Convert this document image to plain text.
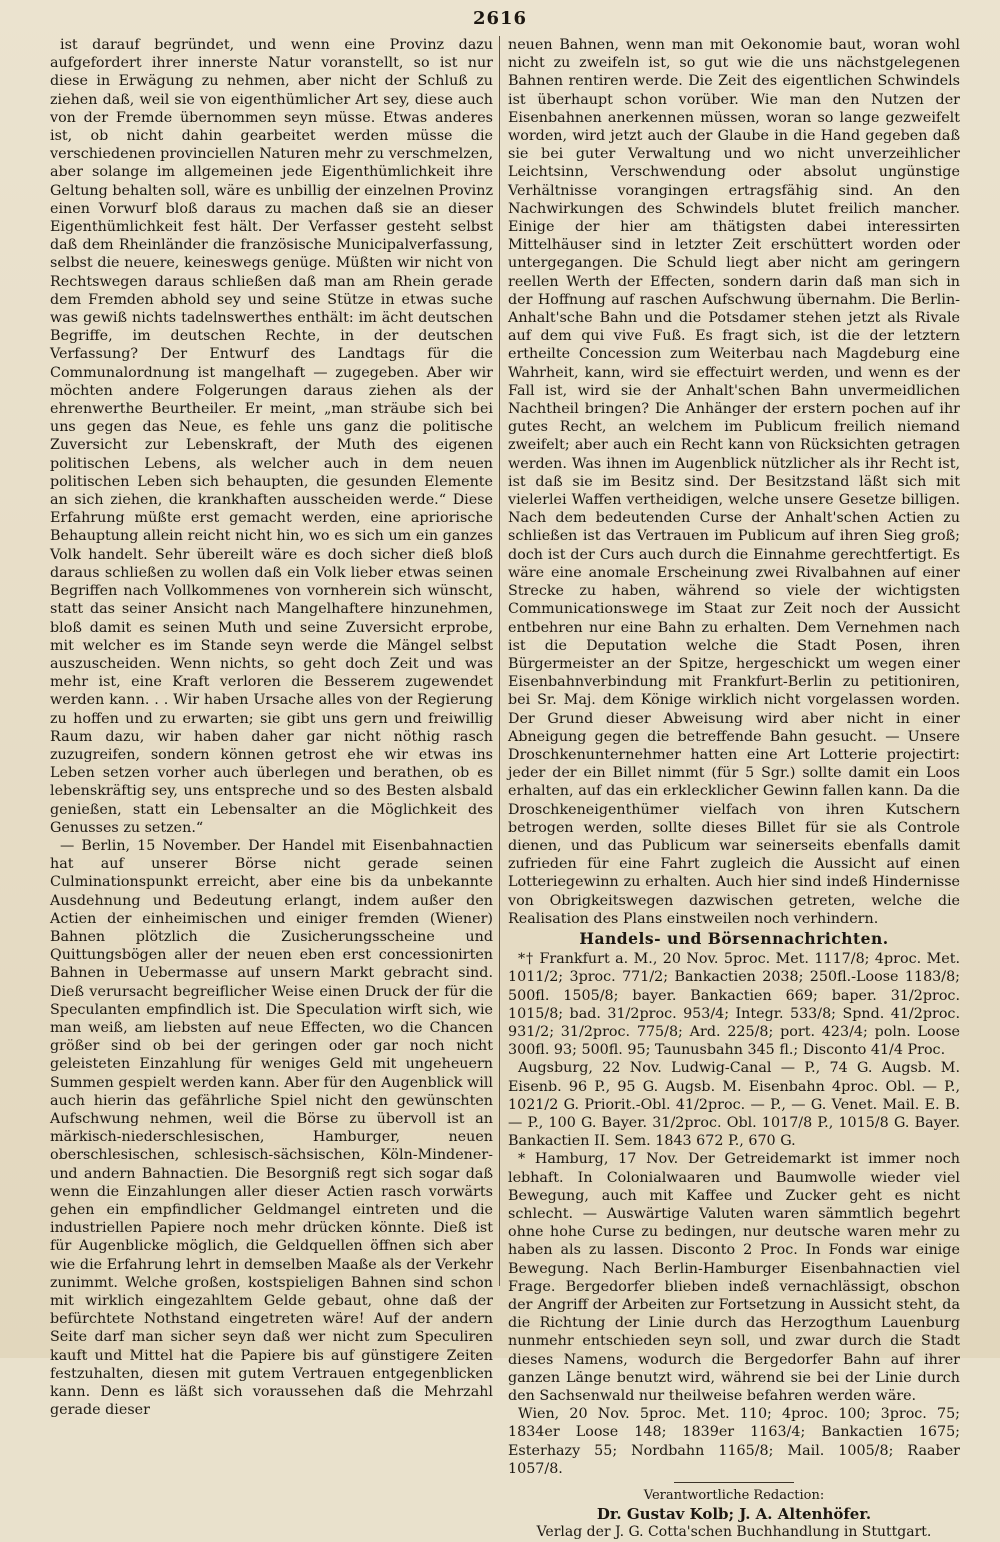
2616

ist darauf begründet, und wenn eine Provinz dazu aufgefordert ihrer innerste Natur voranstellt, so ist nur diese in Erwägung zu nehmen, aber nicht der Schluß zu ziehen daß, weil sie von eigenthümlicher Art sey, diese auch von der Fremde übernommen seyn müsse. Etwas anderes ist, ob nicht dahin gearbeitet werden müsse die verschiedenen provinciellen Naturen mehr zu verschmelzen, aber solange im allgemeinen jede Eigenthümlichkeit ihre Geltung behalten soll, wäre es unbillig der einzelnen Provinz einen Vorwurf bloß daraus zu machen daß sie an dieser Eigenthümlichkeit fest hält. Der Verfasser gesteht selbst daß dem Rheinländer die französische Municipalverfassung, selbst die neuere, keineswegs genüge. Müßten wir nicht von Rechtswegen daraus schließen daß man am Rhein gerade dem Fremden abhold sey und seine Stütze in etwas suche was gewiß nichts tadelnswerthes enthält: im ächt deutschen Begriffe, im deutschen Rechte, in der deutschen Verfassung? Der Entwurf des Landtags für die Communalordnung ist mangelhaft — zugegeben. Aber wir möchten andere Folgerungen daraus ziehen als der ehrenwerthe Beurtheiler. Er meint, „man sträube sich bei uns gegen das Neue, es fehle uns ganz die politische Zuversicht zur Lebenskraft, der Muth des eigenen politischen Lebens, als welcher auch in dem neuen politischen Leben sich behaupten, die gesunden Elemente an sich ziehen, die krankhaften ausscheiden werde.“ Diese Erfahrung müßte erst gemacht werden, eine apriorische Behauptung allein reicht nicht hin, wo es sich um ein ganzes Volk handelt. Sehr übereilt wäre es doch sicher dieß bloß daraus schließen zu wollen daß ein Volk lieber etwas seinen Begriffen nach Vollkommenes von vornherein sich wünscht, statt das seiner Ansicht nach Mangelhaftere hinzunehmen, bloß damit es seinen Muth und seine Zuversicht erprobe, mit welcher es im Stande seyn werde die Mängel selbst auszuscheiden. Wenn nichts, so geht doch Zeit und was mehr ist, eine Kraft verloren die Besserem zugewendet werden kann. . . Wir haben Ursache alles von der Regierung zu hoffen und zu erwarten; sie gibt uns gern und freiwillig Raum dazu, wir haben daher gar nicht nöthig rasch zuzugreifen, sondern können getrost ehe wir etwas ins Leben setzen vorher auch überlegen und berathen, ob es lebenskräftig sey, uns entspreche und so des Besten alsbald genießen, statt ein Lebensalter an die Möglichkeit des Genusses zu setzen.“

— Berlin, 15 November. Der Handel mit Eisenbahnactien hat auf unserer Börse nicht gerade seinen Culminationspunkt erreicht, aber eine bis da unbekannte Ausdehnung und Bedeutung erlangt, indem außer den Actien der einheimischen und einiger fremden (Wiener) Bahnen plötzlich die Zusicherungsscheine und Quittungsbögen aller der neuen eben erst concessionirten Bahnen in Uebermasse auf unsern Markt gebracht sind. Dieß verursacht begreiflicher Weise einen Druck der für die Speculanten empfindlich ist. Die Speculation wirft sich, wie man weiß, am liebsten auf neue Effecten, wo die Chancen größer sind ob bei der geringen oder gar noch nicht geleisteten Einzahlung für weniges Geld mit ungeheuern Summen gespielt werden kann. Aber für den Augenblick will auch hierin das gefährliche Spiel nicht den gewünschten Aufschwung nehmen, weil die Börse zu übervoll ist an märkisch-niederschlesischen, Hamburger, neuen oberschlesischen, schlesisch-sächsischen, Köln-Mindener- und andern Bahnactien. Die Besorgniß regt sich sogar daß wenn die Einzahlungen aller dieser Actien rasch vorwärts gehen ein empfindlicher Geldmangel eintreten und die industriellen Papiere noch mehr drücken könnte. Dieß ist für Augenblicke möglich, die Geldquellen öffnen sich aber wie die Erfahrung lehrt in demselben Maaße als der Verkehr zunimmt. Welche großen, kostspieligen Bahnen sind schon mit wirklich eingezahltem Gelde gebaut, ohne daß der befürchtete Nothstand eingetreten wäre! Auf der andern Seite darf man sicher seyn daß wer nicht zum Speculiren kauft und Mittel hat die Papiere bis auf günstigere Zeiten festzuhalten, diesen mit gutem Vertrauen entgegenblicken kann. Denn es läßt sich voraussehen daß die Mehrzahl gerade dieser

neuen Bahnen, wenn man mit Oekonomie baut, woran wohl nicht zu zweifeln ist, so gut wie die uns nächstgelegenen Bahnen rentiren werde. Die Zeit des eigentlichen Schwindels ist überhaupt schon vorüber. Wie man den Nutzen der Eisenbahnen anerkennen müssen, woran so lange gezweifelt worden, wird jetzt auch der Glaube in die Hand gegeben daß sie bei guter Verwaltung und wo nicht unverzeihlicher Leichtsinn, Verschwendung oder absolut ungünstige Verhältnisse vorangingen ertragsfähig sind. An den Nachwirkungen des Schwindels blutet freilich mancher. Einige der hier am thätigsten dabei interessirten Mittelhäuser sind in letzter Zeit erschüttert worden oder untergegangen. Die Schuld liegt aber nicht am geringern reellen Werth der Effecten, sondern darin daß man sich in der Hoffnung auf raschen Aufschwung übernahm. Die Berlin-Anhalt'sche Bahn und die Potsdamer stehen jetzt als Rivale auf dem qui vive Fuß. Es fragt sich, ist die der letztern ertheilte Concession zum Weiterbau nach Magdeburg eine Wahrheit, kann, wird sie effectuirt werden, und wenn es der Fall ist, wird sie der Anhalt'schen Bahn unvermeidlichen Nachtheil bringen? Die Anhänger der erstern pochen auf ihr gutes Recht, an welchem im Publicum freilich niemand zweifelt; aber auch ein Recht kann von Rücksichten getragen werden. Was ihnen im Augenblick nützlicher als ihr Recht ist, ist daß sie im Besitz sind. Der Besitzstand läßt sich mit vielerlei Waffen vertheidigen, welche unsere Gesetze billigen. Nach dem bedeutenden Curse der Anhalt'schen Actien zu schließen ist das Vertrauen im Publicum auf ihren Sieg groß; doch ist der Curs auch durch die Einnahme gerechtfertigt. Es wäre eine anomale Erscheinung zwei Rivalbahnen auf einer Strecke zu haben, während so viele der wichtigsten Communicationswege im Staat zur Zeit noch der Aussicht entbehren nur eine Bahn zu erhalten. Dem Vernehmen nach ist die Deputation welche die Stadt Posen, ihren Bürgermeister an der Spitze, hergeschickt um wegen einer Eisenbahnverbindung mit Frankfurt-Berlin zu petitioniren, bei Sr. Maj. dem Könige wirklich nicht vorgelassen worden. Der Grund dieser Abweisung wird aber nicht in einer Abneigung gegen die betreffende Bahn gesucht. — Unsere Droschkenunternehmer hatten eine Art Lotterie projectirt: jeder der ein Billet nimmt (für 5 Sgr.) sollte damit ein Loos erhalten, auf das ein erklecklicher Gewinn fallen kann. Da die Droschkeneigenthümer vielfach von ihren Kutschern betrogen werden, sollte dieses Billet für sie als Controle dienen, und das Publicum war seinerseits ebenfalls damit zufrieden für eine Fahrt zugleich die Aussicht auf einen Lotteriegewinn zu erhalten. Auch hier sind indeß Hindernisse von Obrigkeitswegen dazwischen getreten, welche die Realisation des Plans einstweilen noch verhindern.

Handels- und Börsennachrichten.

*† Frankfurt a. M., 20 Nov. 5proc. Met. 1117/8; 4proc. Met. 1011/2; 3proc. 771/2; Bankactien 2038; 250fl.-Loose 1183/8; 500fl. 1505/8; bayer. Bankactien 669; baper. 31/2proc. 1015/8; bad. 31/2proc. 953/4; Integr. 533/8; Spnd. 41/2proc. 931/2; 31/2proc. 775/8; Ard. 225/8; port. 423/4; poln. Loose 300fl. 93; 500fl. 95; Taunusbahn 345 fl.; Disconto 41/4 Proc.

Augsburg, 22 Nov. Ludwig-Canal — P., 74 G. Augsb. M. Eisenb. 96 P., 95 G. Augsb. M. Eisenbahn 4proc. Obl. — P., 1021/2 G. Priorit.-Obl. 41/2proc. — P., — G. Venet. Mail. E. B. — P., 100 G. Bayer. 31/2proc. Obl. 1017/8 P., 1015/8 G. Bayer. Bankactien II. Sem. 1843 672 P., 670 G.

* Hamburg, 17 Nov. Der Getreidemarkt ist immer noch lebhaft. In Colonialwaaren und Baumwolle wieder viel Bewegung, auch mit Kaffee und Zucker geht es nicht schlecht. — Auswärtige Valuten waren sämmtlich begehrt ohne hohe Curse zu bedingen, nur deutsche waren mehr zu haben als zu lassen. Disconto 2 Proc. In Fonds war einige Bewegung. Nach Berlin-Hamburger Eisenbahnactien viel Frage. Bergedorfer blieben indeß vernachlässigt, obschon der Angriff der Arbeiten zur Fortsetzung in Aussicht steht, da die Richtung der Linie durch das Herzogthum Lauenburg nunmehr entschieden seyn soll, und zwar durch die Stadt dieses Namens, wodurch die Bergedorfer Bahn auf ihrer ganzen Länge benutzt wird, während sie bei der Linie durch den Sachsenwald nur theilweise befahren werden wäre.

Wien, 20 Nov. 5proc. Met. 110; 4proc. 100; 3proc. 75; 1834er Loose 148; 1839er 1163/4; Bankactien 1675; Esterhazy 55; Nordbahn 1165/8; Mail. 1005/8; Raaber 1057/8.

Verantwortliche Redaction:
Dr. Gustav Kolb; J. A. Altenhöfer.
Verlag der J. G. Cotta'schen Buchhandlung in Stuttgart.
